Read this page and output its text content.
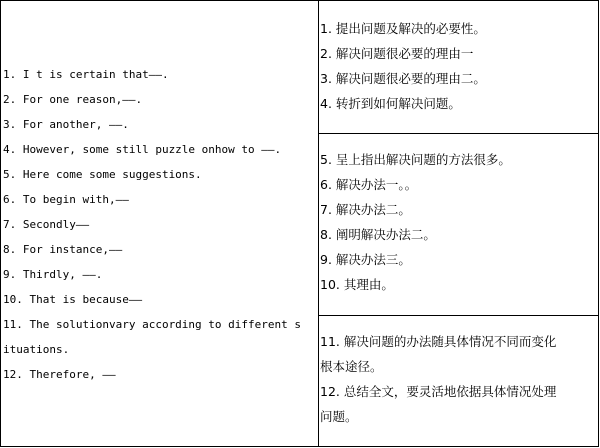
1. I t is certain that——.
2. For one reason,——.
3. For another, ——.
4. However, some still puzzle onhow to ——.
5. Here come some suggestions.
6. To begin with,——
7. Secondly——
8. For instance,——
9. Thirdly, ——.
10. That is because——
11. The solutionvary according to different s
ituations.
12. Therefore, ——
1. 提出问题及解决的必要性。
2. 解决问题很必要的理由一
3. 解决问题很必要的理由二。
4. 转折到如何解决问题。
5. 呈上指出解决问题的方法很多。
6. 解决办法一。。
7. 解决办法二。
8. 阐明解决办法二。
9. 解决办法三。
10. 其理由。
11. 解决问题的办法随具体情况不同而变化
根本途径。
12. 总结全文，要灵活地依据具体情况处理
问题。
